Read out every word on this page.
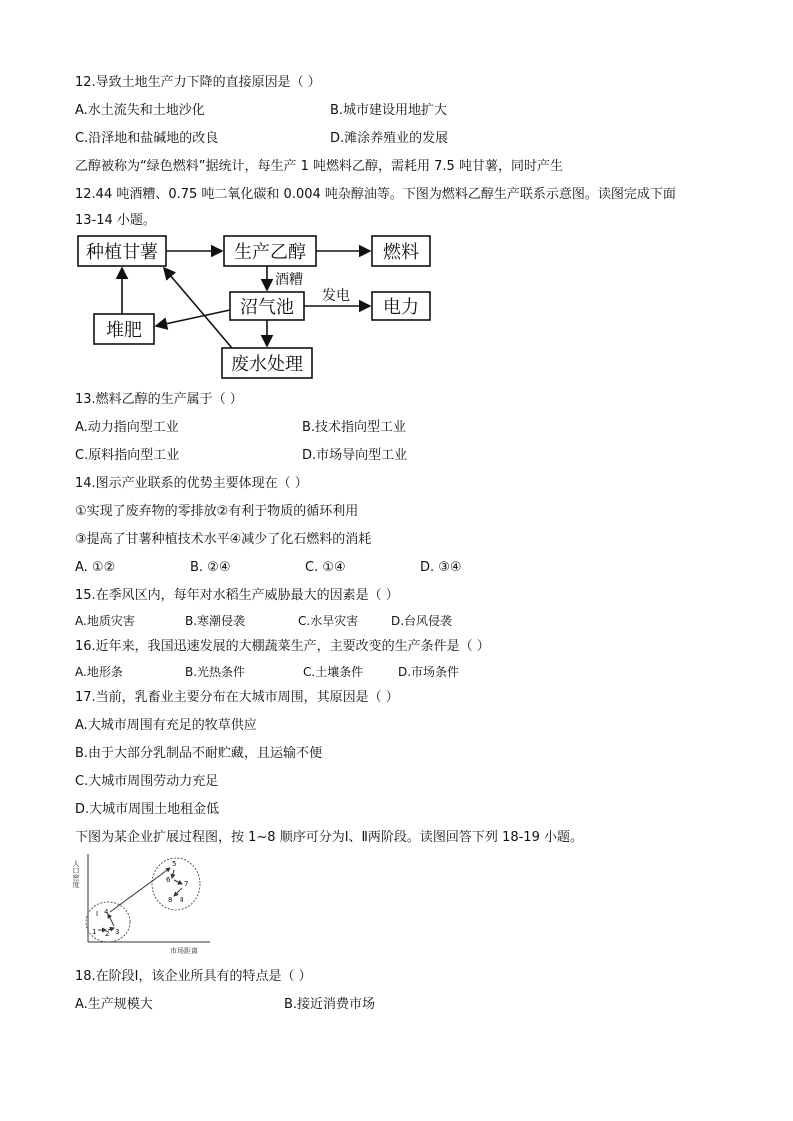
12.导致土地生产力下降的直接原因是（ ）
A.水土流失和土地沙化	B.城市建设用地扩大
C.沿泽地和盐碱地的改良	D.滩涂养殖业的发展
乙醇被称为“绿色燃料”据统计，每生产 1 吨燃料乙醇，需耗用 7.5 吨甘薯，同时产生
12.44 吨酒糟、0.75 吨二氧化碳和 0.004 吨杂醇油等。下图为燃料乙醇生产联系示意图。读图完成下面
13-14 小题。
种植甘薯	生产乙醇	燃料
沼气池	电力
堆肥
废水处理
酒糟
发电
13.燃料乙醇的生产属于（ ）
A.动力指向型工业	B.技术指向型工业
C.原料指向型工业	D.市场导向型工业
14.图示产业联系的优势主要体现在（ ）
①实现了废弃物的零排放②有利于物质的循环利用
③提高了甘薯种植技术水平④减少了化石燃料的消耗
A. ①②	B. ②④	C. ①④	D. ③④
15.在季风区内，每年对水稻生产威胁最大的因素是（ ）
A.地质灾害	B.寒潮侵袭	C.水旱灾害	D.台风侵袭
16.近年来，我国迅速发展的大棚蔬菜生产，主要改变的生产条件是（ ）
A.地形条	B.光热条件	C.土壤条件	D.市场条件
17.当前，乳畜业主要分布在大城市周围，其原因是（ ）
A.大城市周围有充足的牧草供应
B.由于大部分乳制品不耐贮藏，且运输不便
C.大城市周围劳动力充足
D.大城市周围土地租金低
下图为某企业扩展过程图，按 1~8 顺序可分为Ⅰ、Ⅱ两阶段。读图回答下列 18-19 小题。
人口密度
市场距离
1 2 3
4
5
6 7
8
Ⅰ
Ⅱ
18.在阶段Ⅰ，该企业所具有的特点是（ ）
A.生产规模大	B.接近消费市场
